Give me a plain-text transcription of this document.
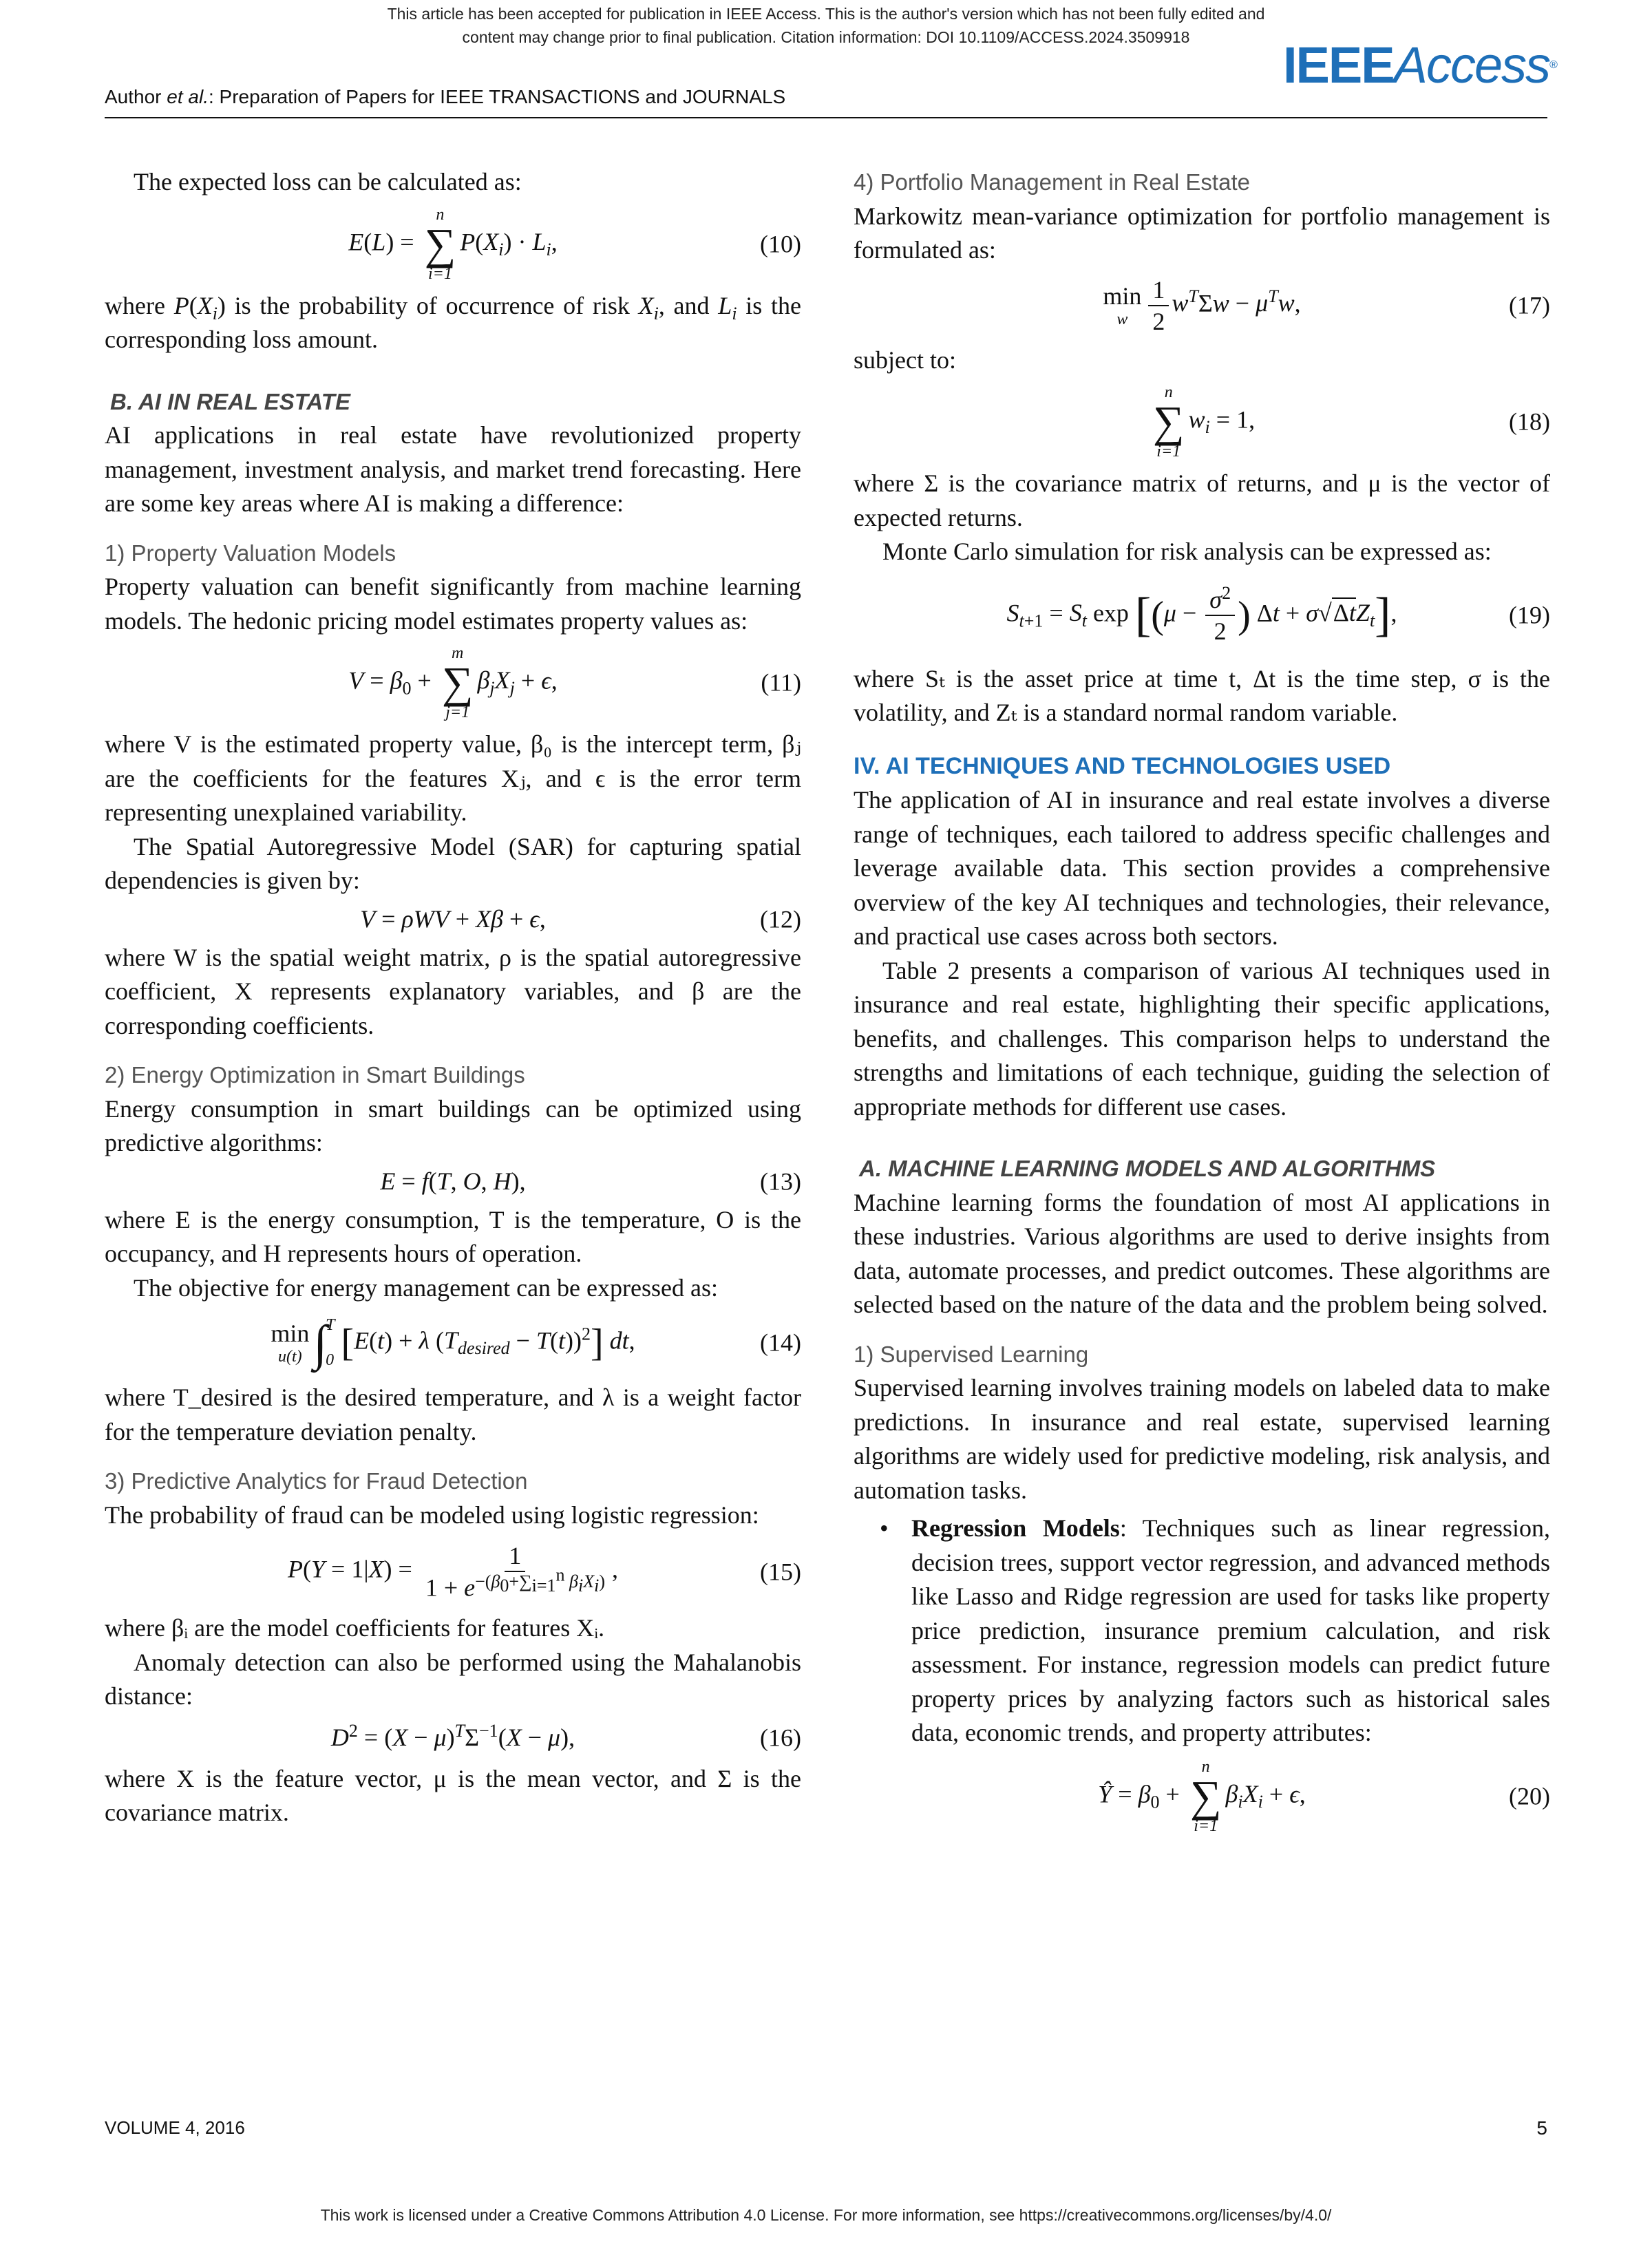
This article has been accepted for publication in IEEE Access. This is the author's version which has not been fully edited and
content may change prior to final publication. Citation information: DOI 10.1109/ACCESS.2024.3509918	IEEEAccess®
Author et al.: Preparation of Papers for IEEE TRANSACTIONS and JOURNALS

The expected loss can be calculated as:

E(L) =
n
∑
i=1
$P(X_i) \cdot L_i$,	(10)

where $P(X_i)$ is the probability of occurrence of risk $X_i$, and $L_i$ is the corresponding loss amount.

B. AI IN REAL ESTATE

AI applications in real estate have revolutionized property management, investment analysis, and market trend forecasting. Here are some key areas where AI is making a difference:

1) Property Valuation Models

Property valuation can benefit significantly from machine learning models. The hedonic pricing model estimates property values as:

$V = \beta_0$ +
m
∑
j=1
$\beta_jX_j + \epsilon$,	(11)

where V is the estimated property value, β₀ is the intercept term, βⱼ are the coefficients for the features Xⱼ, and ϵ is the error term representing unexplained variability.

The Spatial Autoregressive Model (SAR) for capturing spatial dependencies is given by:

V = ρWV + Xβ + ϵ,	(12)

where W is the spatial weight matrix, ρ is the spatial autoregressive coefficient, X represents explanatory variables, and β are the corresponding coefficients.

2) Energy Optimization in Smart Buildings

Energy consumption in smart buildings can be optimized using predictive algorithms:

E = f(T, O, H),	(13)

where E is the energy consumption, T is the temperature, O is the occupancy, and H represents hours of operation.

The objective for energy management can be expressed as:

min
u(t) ∫
T
0 [E(t) + λ $(T_{desired} - T(t))^2$] dt,	(14)

where T_desired is the desired temperature, and λ is a weight factor for the temperature deviation penalty.

3) Predictive Analytics for Fraud Detection

The probability of fraud can be modeled using logistic regression:

$P(Y = 1|X) = \frac{1}{1 + e^{-(\beta_0+\sum_{i=1}^n \beta_iX_i)}}$ ,	(15)

where βᵢ are the model coefficients for features Xᵢ.

Anomaly detection can also be performed using the Mahalanobis distance:

$D^2 = (X - \mu)^T\Sigma^{-1}(X - \mu)$,	(16)

where X is the feature vector, μ is the mean vector, and Σ is the covariance matrix.

4) Portfolio Management in Real Estate

Markowitz mean-variance optimization for portfolio management is formulated as:

min
w $\frac{1}{2} w^T\Sigma w - \mu^Tw$,	(17)

subject to:

n
∑
i=1
$w_i = 1$,	(18)

where Σ is the covariance matrix of returns, and μ is the vector of expected returns.

Monte Carlo simulation for risk analysis can be expressed as:

$S_{t+1} = S_t$ $\exp [(\mu - \frac{\sigma^2}{2}$ ) Δt + σ√ΔtZ$_t$],	(19)

where Sₜ is the asset price at time t, Δt is the time step, σ is the volatility, and Zₜ is a standard normal random variable.

IV. AI TECHNIQUES AND TECHNOLOGIES USED

The application of AI in insurance and real estate involves a diverse range of techniques, each tailored to address specific challenges and leverage available data. This section provides a comprehensive overview of the key AI techniques and technologies, their relevance, and practical use cases across both sectors.

Table 2 presents a comparison of various AI techniques used in insurance and real estate, highlighting their specific applications, benefits, and challenges. This comparison helps to understand the strengths and limitations of each technique, guiding the selection of appropriate methods for different use cases.

A. MACHINE LEARNING MODELS AND ALGORITHMS

Machine learning forms the foundation of most AI applications in these industries. Various algorithms are used to derive insights from data, automate processes, and predict outcomes. These algorithms are selected based on the nature of the data and the problem being solved.

1) Supervised Learning

Supervised learning involves training models on labeled data to make predictions. In insurance and real estate, supervised learning algorithms are widely used for predictive modeling, risk analysis, and automation tasks.

• Regression Models: Techniques such as linear regression, decision trees, support vector regression, and advanced methods like Lasso and Ridge regression are used for tasks like property price prediction, insurance premium calculation, and risk assessment. For instance, regression models can predict future property prices by analyzing factors such as historical sales data, economic trends, and property attributes:
Ŷ = $\beta_0$ +
n
∑
i=1
$\beta_iX_i + \epsilon$,	(20)
VOLUME 4, 2016	5
This work is licensed under a Creative Commons Attribution 4.0 License. For more information, see https://creativecommons.org/licenses/by/4.0/
